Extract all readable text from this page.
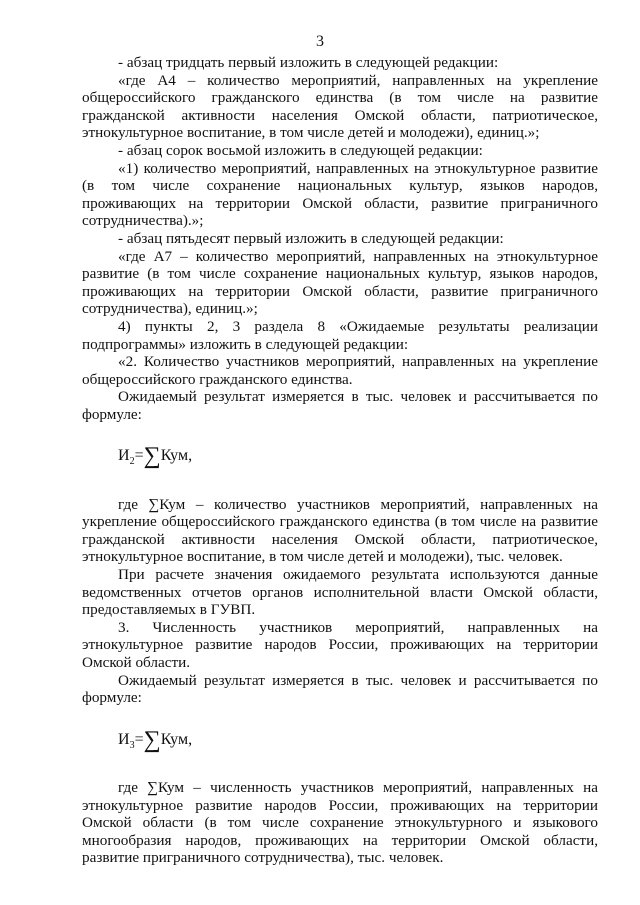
3

- абзац тридцать первый изложить в следующей редакции:

«где А4 – количество мероприятий, направленных на укрепление общероссийского гражданского единства (в том числе на развитие гражданской активности населения Омской области, патриотическое, этнокультурное воспитание, в том числе детей и молодежи), единиц.»;

- абзац сорок восьмой изложить в следующей редакции:

«1) количество мероприятий, направленных на этнокультурное развитие (в том числе сохранение национальных культур, языков народов, проживающих на территории Омской области, развитие приграничного сотрудничества).»;

- абзац пятьдесят первый изложить в следующей редакции:

«где А7 – количество мероприятий, направленных на этнокультурное развитие (в том числе сохранение национальных культур, языков народов, проживающих на территории Омской области, развитие приграничного сотрудничества), единиц.»;

4) пункты 2, 3 раздела 8 «Ожидаемые результаты реализации подпрограммы» изложить в следующей редакции:

«2. Количество участников мероприятий, направленных на укрепление общероссийского гражданского единства.

Ожидаемый результат измеряется в тыс. человек и рассчитывается по формуле:

$И_2=\sum Кум$,

где ∑Кум – количество участников мероприятий, направленных на укрепление общероссийского гражданского единства (в том числе на развитие гражданской активности населения Омской области, патриотическое, этнокультурное воспитание, в том числе детей и молодежи), тыс. человек.

При расчете значения ожидаемого результата используются данные ведомственных отчетов органов исполнительной власти Омской области, предоставляемых в ГУВП.

3. Численность участников мероприятий, направленных на этнокультурное развитие народов России, проживающих на территории Омской области.

Ожидаемый результат измеряется в тыс. человек и рассчитывается по формуле:

$И_3=\sum Кум$,

где ∑Кум – численность участников мероприятий, направленных на этнокультурное развитие народов России, проживающих на территории Омской области (в том числе сохранение этнокультурного и языкового многообразия народов, проживающих на территории Омской области, развитие приграничного сотрудничества), тыс. человек.
